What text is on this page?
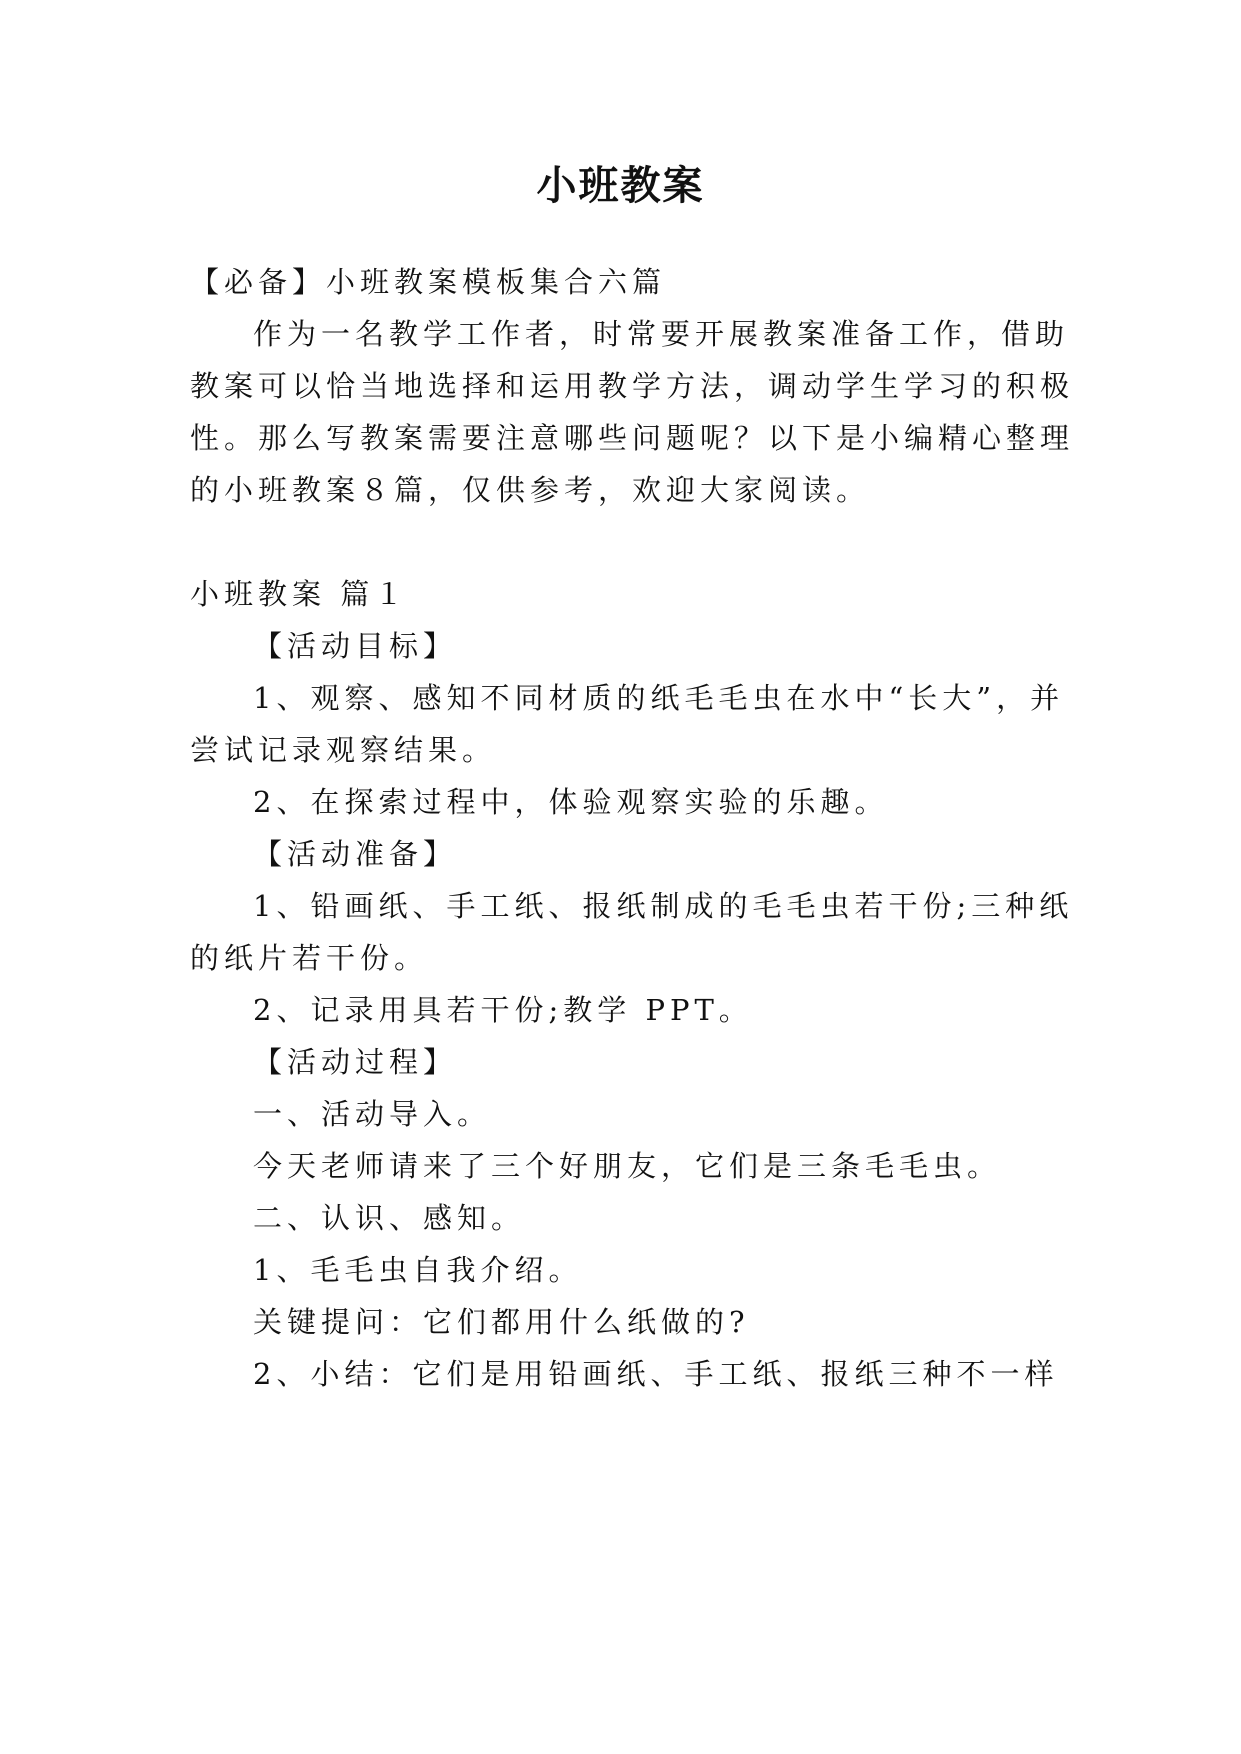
小班教案
【必备】小班教案模板集合六篇
作为一名教学工作者，时常要开展教案准备工作，借助
教案可以恰当地选择和运用教学方法，调动学生学习的积极
性。那么写教案需要注意哪些问题呢？以下是小编精心整理
的小班教案８篇，仅供参考，欢迎大家阅读。
小班教案 篇１
【活动目标】
1、观察、感知不同材质的纸毛毛虫在水中“长大”，并
尝试记录观察结果。
2、在探索过程中，体验观察实验的乐趣。
【活动准备】
1、铅画纸、手工纸、报纸制成的毛毛虫若干份;三种纸
的纸片若干份。
2、记录用具若干份;教学 PPT。
【活动过程】
一、活动导入。
今天老师请来了三个好朋友，它们是三条毛毛虫。
二、认识、感知。
1、毛毛虫自我介绍。
关键提问：它们都用什么纸做的?
2、小结：它们是用铅画纸、手工纸、报纸三种不一样
